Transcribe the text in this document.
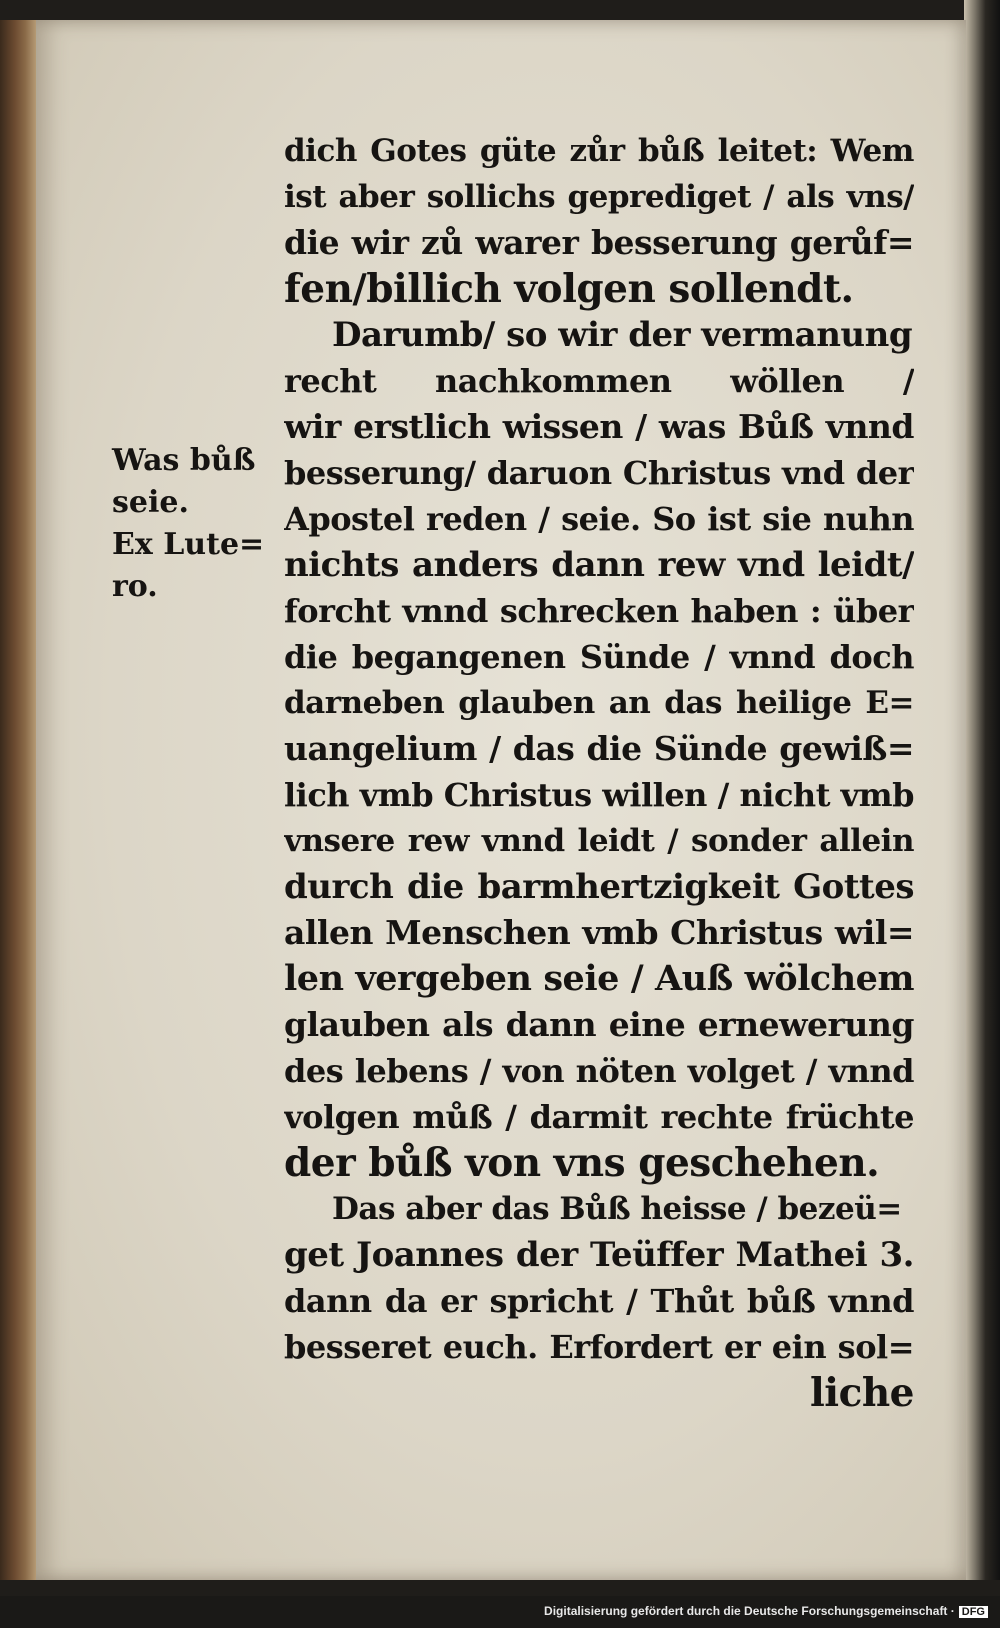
Was bůß
seie.
Ex Lute=
ro.
dich Gotes güte zůr bůß leitet: Wem
ist aber sollichs geprediget / als vns/
die wir zů warer besserung gerůf=
fen/billich volgen sollendt.
Darumb/ so wir der vermanung
recht nachkommen wöllen /
wir erstlich wissen / was Bůß vnnd
besserung/ daruon Christus vnd der
Apostel reden / seie. So ist sie nuhn
nichts anders dann rew vnd leidt/
forcht vnnd schrecken haben : über
die begangenen Sünde / vnnd doch
darneben glauben an das heilige E=
uangelium / das die Sünde gewiß=
lich vmb Christus willen / nicht vmb
vnsere rew vnnd leidt / sonder allein
durch die barmhertzigkeit Gottes
allen Menschen vmb Christus wil=
len vergeben seie / Auß wölchem
glauben als dann eine ernewerung
des lebens / von nöten volget / vnnd
volgen můß / darmit rechte früchte
der bůß von vns geschehen.
Das aber das Bůß heisse / bezeü=
get Joannes der Teüffer Mathei 3.
dann da er spricht / Thůt bůß vnnd
besseret euch. Erfordert er ein sol=
liche
Digitalisierung gefördert durch die Deutsche Forschungsgemeinschaft · DFG
